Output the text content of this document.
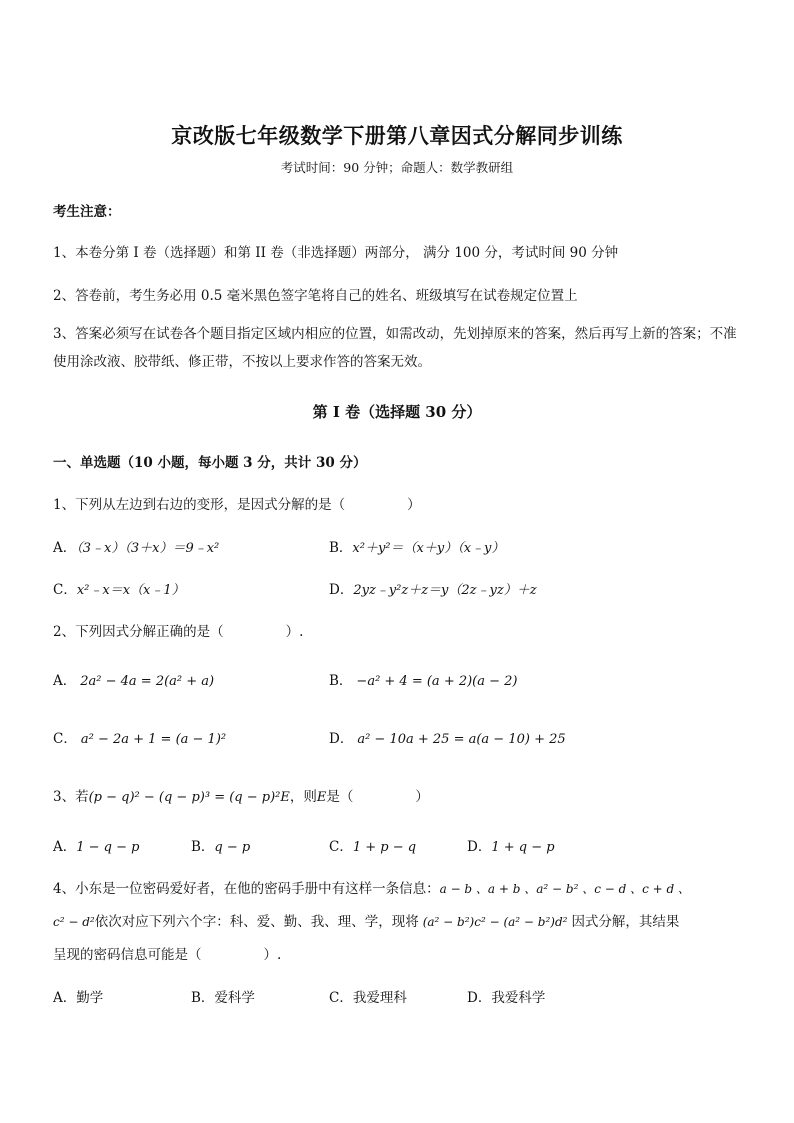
京改版七年级数学下册第八章因式分解同步训练
考试时间：90 分钟；命题人：数学教研组
考生注意：
1、本卷分第 I 卷（选择题）和第 II 卷（非选择题）两部分， 满分 100 分，考试时间 90 分钟
2、答卷前，考生务必用 0.5 毫米黑色签字笔将自己的姓名、班级填写在试卷规定位置上
3、答案必须写在试卷各个题目指定区域内相应的位置，如需改动，先划掉原来的答案，然后再写上新的答案；不准使用涂改液、胶带纸、修正带，不按以上要求作答的答案无效。
第 I 卷（选择题 30 分）
一、单选题（10 小题，每小题 3 分，共计 30 分）
1、下列从左边到右边的变形，是因式分解的是（	）
A．（3﹣x）（3＋x）＝9﹣x²	B．x²＋y²＝（x＋y）（x﹣y）
C．x²﹣x＝x（x﹣1）	D．2yz﹣y²z＋z＝y（2z﹣yz）＋z
2、下列因式分解正确的是（	）.
A． 2a² − 4a = 2(a² + a)	B． −a² + 4 = (a + 2)(a − 2)
C． a² − 2a + 1 = (a − 1)²	D． a² − 10a + 25 = a(a − 10) + 25
3、若(p − q)² − (q − p)³ = (q − p)²E，则E是（	）
A．1 − q − p	B．q − p	C．1 + p − q	D．1 + q − p
4、小东是一位密码爱好者，在他的密码手册中有这样一条信息：a − b 、a + b 、a² − b² 、c − d 、c + d 、
c² − d²依次对应下列六个字：科、爱、勤、我、理、学，现将 (a² − b²)c² − (a² − b²)d² 因式分解，其结果
呈现的密码信息可能是（	）.
A．勤学	B．爱科学	C．我爱理科	D．我爱科学
